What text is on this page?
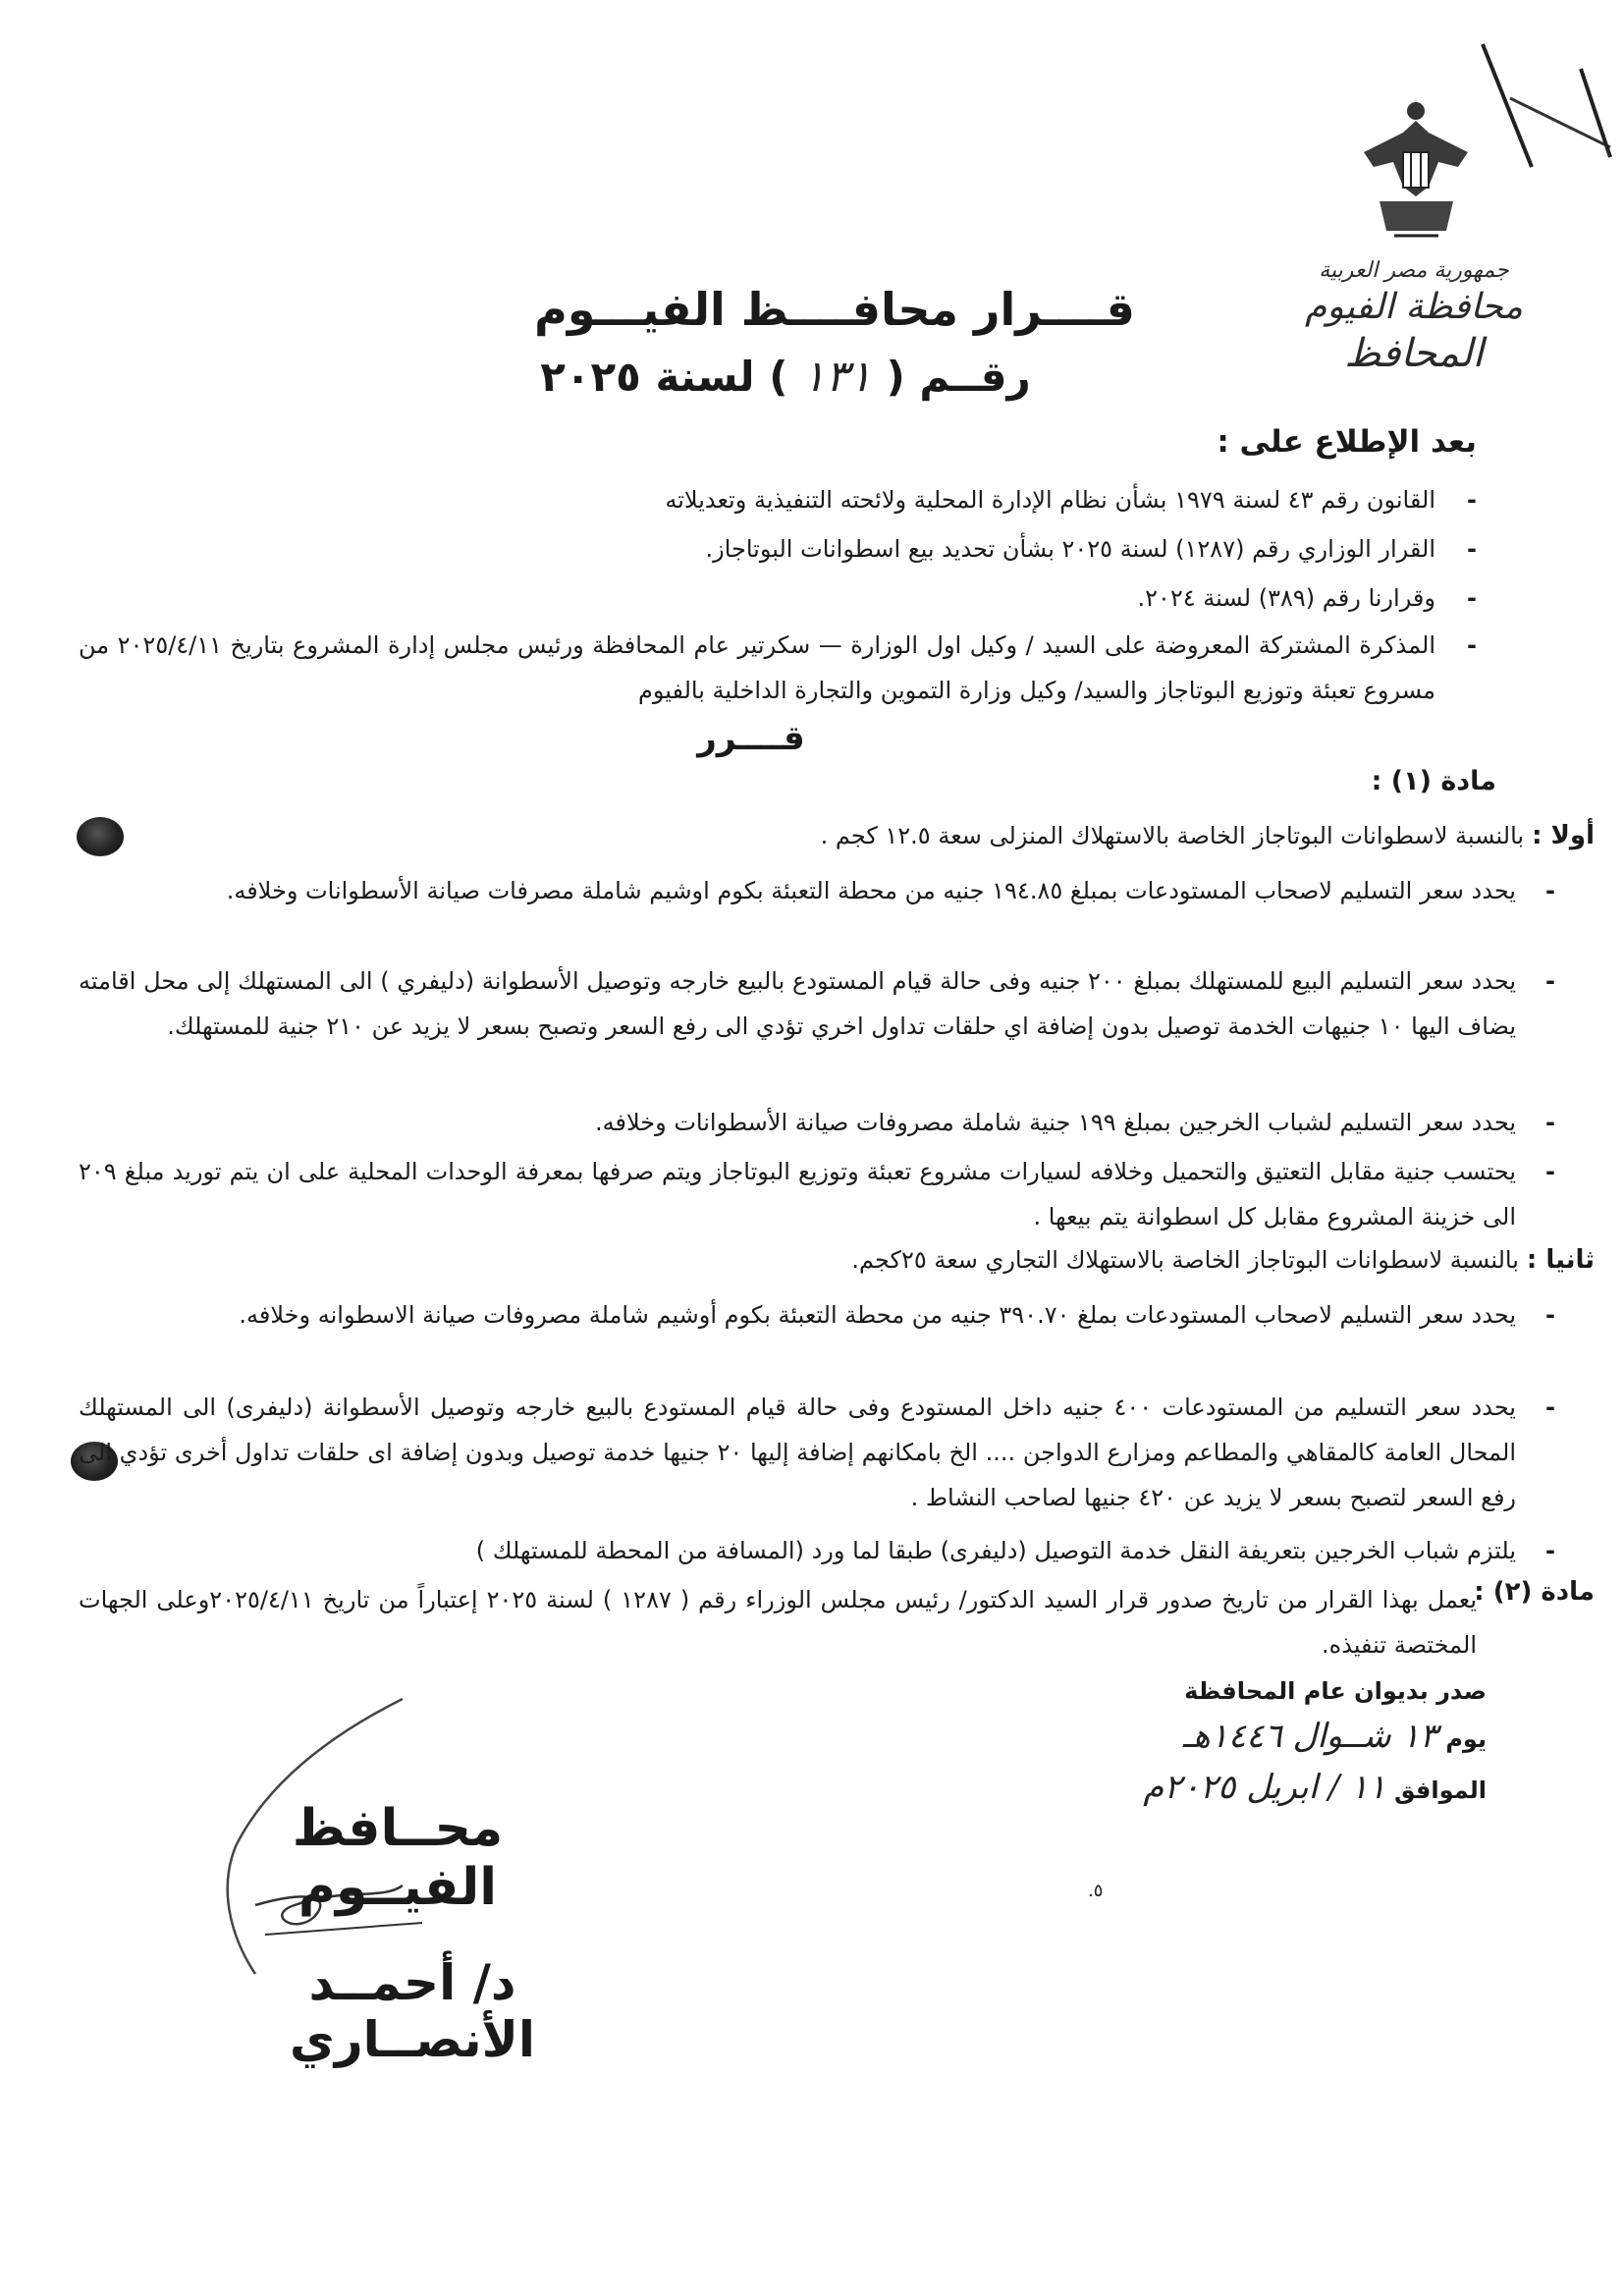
جمهورية مصر العربية
محافظة الفيوم
المحافظ
قــــرار محافــــظ الفيـــوم
رقــم ( ١٣١ ) لسنة ٢٠٢٥
بعد الإطلاع على :
-
القانون رقم ٤٣ لسنة ١٩٧٩ بشأن نظام الإدارة المحلية ولائحته التنفيذية وتعديلاته
-
القرار الوزاري رقم (١٢٨٧) لسنة ٢٠٢٥ بشأن تحديد بيع اسطوانات البوتاجاز.
-
وقرارنا رقم (٣٨٩) لسنة ٢٠٢٤.
-
المذكرة المشتركة المعروضة على السيد / وكيل اول الوزارة — سكرتير عام المحافظة ورئيس مجلس إدارة المشروع بتاريخ ٢٠٢٥/٤/١١ من مسروع تعبئة وتوزيع البوتاجاز والسيد/ وكيل وزارة التموين والتجارة الداخلية بالفيوم
قــــرر
مادة (١) :
أولا :بالنسبة لاسطوانات البوتاجاز الخاصة بالاستهلاك المنزلى سعة ١٢.٥ كجم .
-
يحدد سعر التسليم لاصحاب المستودعات بمبلغ ١٩٤.٨٥ جنيه من محطة التعبئة بكوم اوشيم شاملة مصرفات صيانة الأسطوانات وخلافه.
-
يحدد سعر التسليم البيع للمستهلك بمبلغ ٢٠٠ جنيه وفى حالة قيام المستودع بالبيع خارجه وتوصيل الأسطوانة (دليفري ) الى المستهلك إلى محل اقامته يضاف اليها ١٠ جنيهات الخدمة توصيل بدون إضافة اي حلقات تداول اخري تؤدي الى رفع السعر وتصبح بسعر لا يزيد عن ٢١٠ جنية للمستهلك.
-
يحدد سعر التسليم لشباب الخرجين بمبلغ ١٩٩ جنية شاملة مصروفات صيانة الأسطوانات وخلافه.
-
يحتسب جنية مقابل التعتيق والتحميل وخلافه لسيارات مشروع تعبئة وتوزيع البوتاجاز ويتم صرفها بمعرفة الوحدات المحلية على ان يتم توريد مبلغ ٢٠٩ الى خزينة المشروع مقابل كل اسطوانة يتم بيعها .
ثانيا :بالنسبة لاسطوانات البوتاجاز الخاصة بالاستهلاك التجاري سعة ٢٥كجم.
-
يحدد سعر التسليم لاصحاب المستودعات بملغ ٣٩٠.٧٠ جنيه من محطة التعبئة بكوم أوشيم شاملة مصروفات صيانة الاسطوانه وخلافه.
-
يحدد سعر التسليم من المستودعات ٤٠٠ جنيه داخل المستودع وفى حالة قيام المستودع بالبيع خارجه وتوصيل الأسطوانة (دليفرى) الى المستهلك المحال العامة كالمقاهي والمطاعم ومزارع الدواجن .... الخ بامكانهم إضافة إليها ٢٠ جنيها خدمة توصيل وبدون إضافة اى حلقات تداول أخرى تؤدي الى رفع السعر لتصبح بسعر لا يزيد عن ٤٢٠ جنيها لصاحب النشاط .
-
يلتزم شباب الخرجين بتعريفة النقل خدمة التوصيل (دليفرى) طبقا لما ورد (المسافة من المحطة للمستهلك )
مادة (٢) :
يعمل بهذا القرار من تاريخ صدور قرار السيد الدكتور/ رئيس مجلس الوزراء رقم ( ١٢٨٧ ) لسنة ٢٠٢٥ إعتباراً من تاريخ ٢٠٢٥/٤/١١وعلى الجهات المختصة تنفيذه.
صدر بديوان عام المحافظة
يوم ١٣ شــوال ١٤٤٦هـ
الموافق ١١ / ابريل ٢٠٢٥م
محــافظ الفيــوم
د/ أحمــد الأنصــاري
٥.
